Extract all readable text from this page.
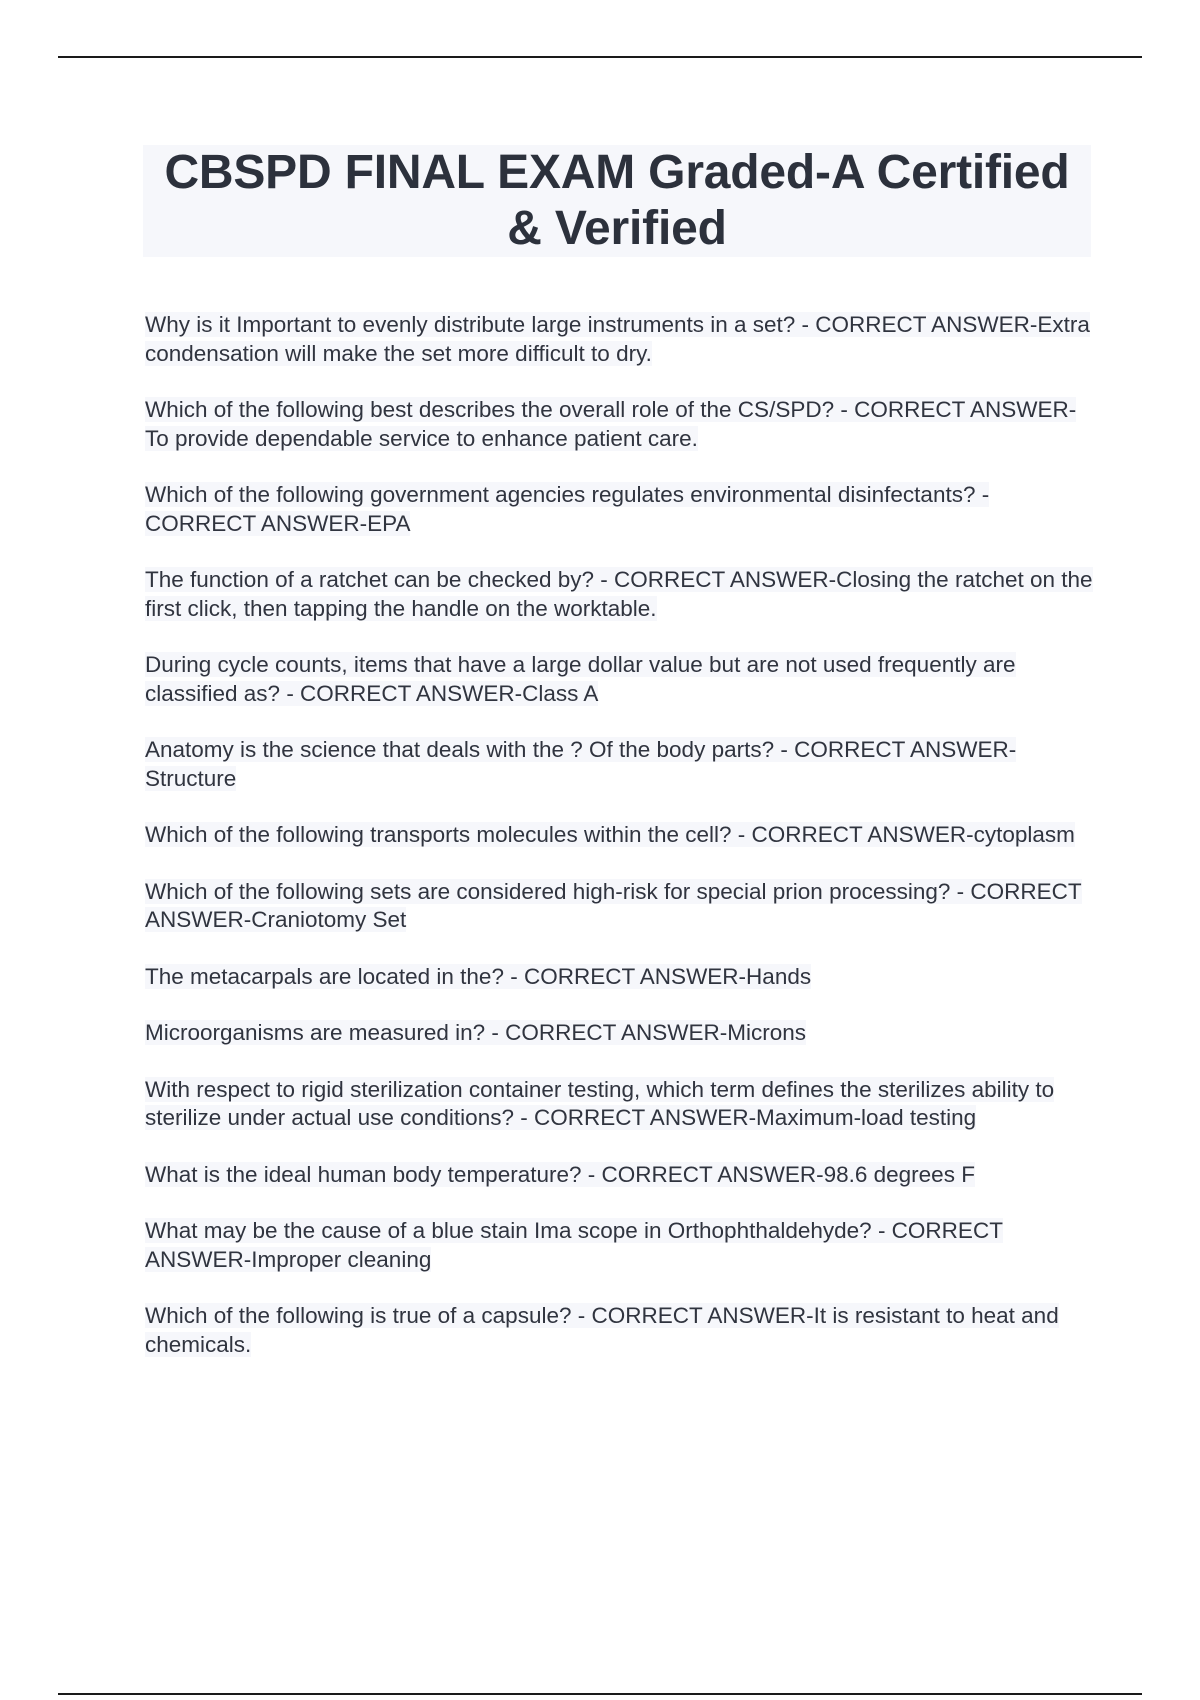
CBSPD FINAL EXAM Graded-A Certified & Verified

Why is it Important to evenly distribute large instruments in a set? - CORRECT ANSWER-Extra condensation will make the set more difficult to dry.

Which of the following best describes the overall role of the CS/SPD? - CORRECT ANSWER-To provide dependable service to enhance patient care.

Which of the following government agencies regulates environmental disinfectants? - CORRECT ANSWER-EPA

The function of a ratchet can be checked by? - CORRECT ANSWER-Closing the ratchet on the first click, then tapping the handle on the worktable.

During cycle counts, items that have a large dollar value but are not used frequently are classified as? - CORRECT ANSWER-Class A

Anatomy is the science that deals with the ? Of the body parts? - CORRECT ANSWER-Structure

Which of the following transports molecules within the cell? - CORRECT ANSWER-cytoplasm

Which of the following sets are considered high-risk for special prion processing? - CORRECT ANSWER-Craniotomy Set

The metacarpals are located in the? - CORRECT ANSWER-Hands

Microorganisms are measured in? - CORRECT ANSWER-Microns

With respect to rigid sterilization container testing, which term defines the sterilizes ability to sterilize under actual use conditions? - CORRECT ANSWER-Maximum-load testing

What is the ideal human body temperature? - CORRECT ANSWER-98.6 degrees F

What may be the cause of a blue stain Ima scope in Orthophthaldehyde? - CORRECT ANSWER-Improper cleaning

Which of the following is true of a capsule? - CORRECT ANSWER-It is resistant to heat and chemicals.
